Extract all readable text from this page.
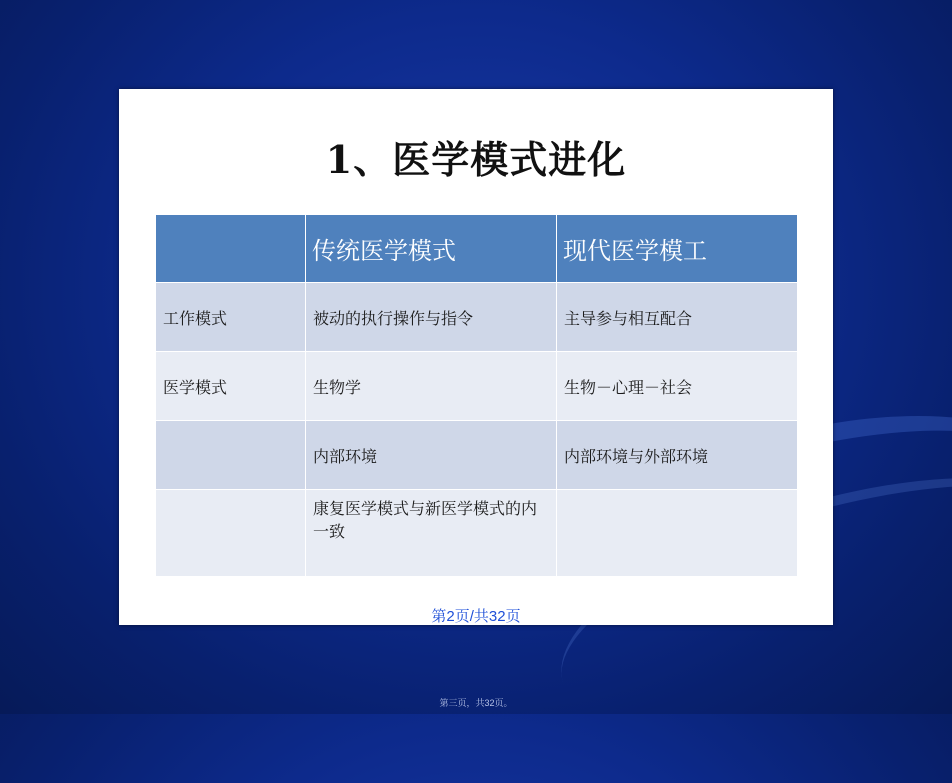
1、医学模式进化
	传统医学模式	现代医学模工
工作模式	被动的执行操作与指令	主导参与相互配合
医学模式	生物学	生物－心理－社会
	内部环境	内部环境与外部环境
	康复医学模式与新医学模式的内一致	
第2页/共32页
第三页，共32页。
